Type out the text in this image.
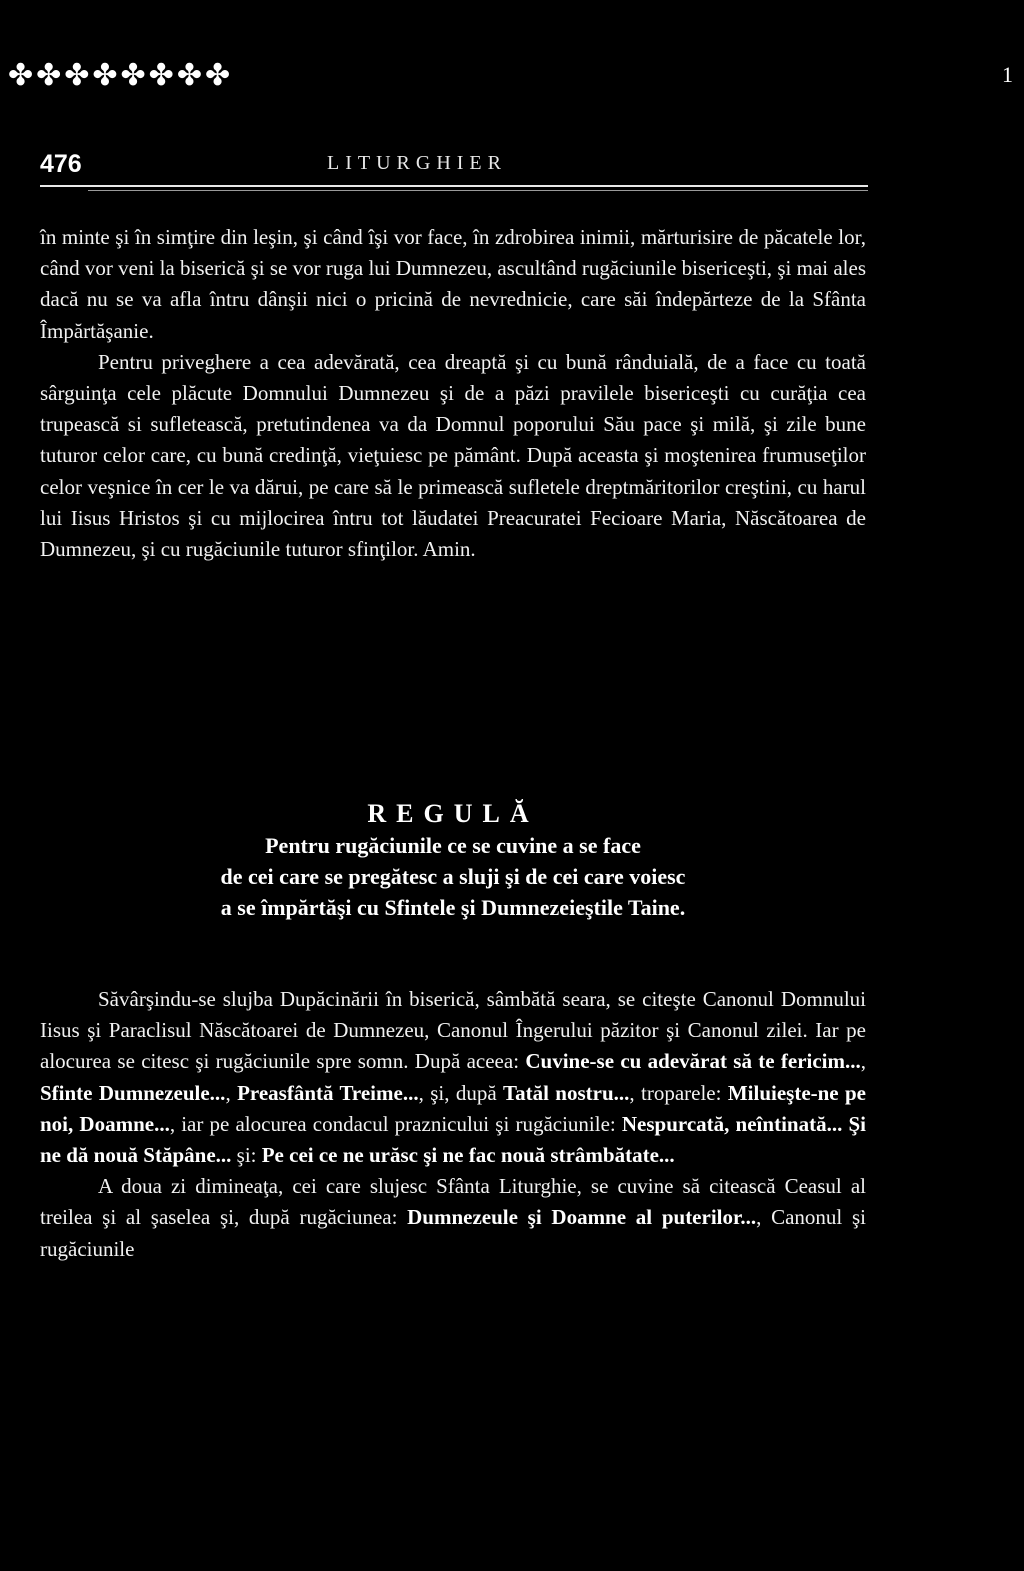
✤✤✤✤✤✤✤✤	1
476	LITURGHIER

în minte şi în simţire din leşin, şi când îşi vor face, în zdrobirea inimii, mărturisire de păcatele lor, când vor veni la biserică şi se vor ruga lui Dumnezeu, ascultând rugăciunile bisericeşti, şi mai ales dacă nu se va afla întru dânşii nici o pricină de nevrednicie, care săi îndepărteze de la Sfânta Împărtăşanie.

Pentru priveghere a cea adevărată, cea dreaptă şi cu bună rânduială, de a face cu toată sârguinţa cele plăcute Domnului Dumnezeu şi de a păzi pravilele bisericeşti cu curăţia cea trupească si sufletească, pretutindenea va da Domnul poporului Său pace şi milă, şi zile bune tuturor celor care, cu bună credinţă, vieţuiesc pe pământ. După aceasta şi moştenirea frumuseţilor celor veşnice în cer le va dărui, pe care să le primească sufletele dreptmăritorilor creştini, cu harul lui Iisus Hristos şi cu mijlocirea întru tot lăudatei Preacuratei Fecioare Maria, Născătoarea de Dumnezeu, şi cu rugăciunile tuturor sfinţilor. Amin.

REGULĂ
Pentru rugăciunile ce se cuvine a se face
de cei care se pregătesc a sluji şi de cei care voiesc
a se împărtăşi cu Sfintele şi Dumnezeieştile Taine.

Săvârşindu-se slujba Dupăcinării în biserică, sâmbătă seara, se citeşte Canonul Domnului Iisus şi Paraclisul Născătoarei de Dumnezeu, Canonul Îngerului păzitor şi Canonul zilei. Iar pe alocurea se citesc şi rugăciunile spre somn. După aceea: Cuvine-se cu adevărat să te fericim..., Sfinte Dumnezeule..., Preasfântă Treime..., şi, după Tatăl nostru..., troparele: Miluieşte-ne pe noi, Doamne..., iar pe alocurea condacul praznicului şi rugăciunile: Nespurcată, neîntinată... Şi ne dă nouă Stăpâne... şi: Pe cei ce ne urăsc şi ne fac nouă strâmbătate...

A doua zi dimineaţa, cei care slujesc Sfânta Liturghie, se cuvine să citească Ceasul al treilea şi al şaselea şi, după rugăciunea: Dumnezeule şi Doamne al puterilor..., Canonul şi rugăciunile
